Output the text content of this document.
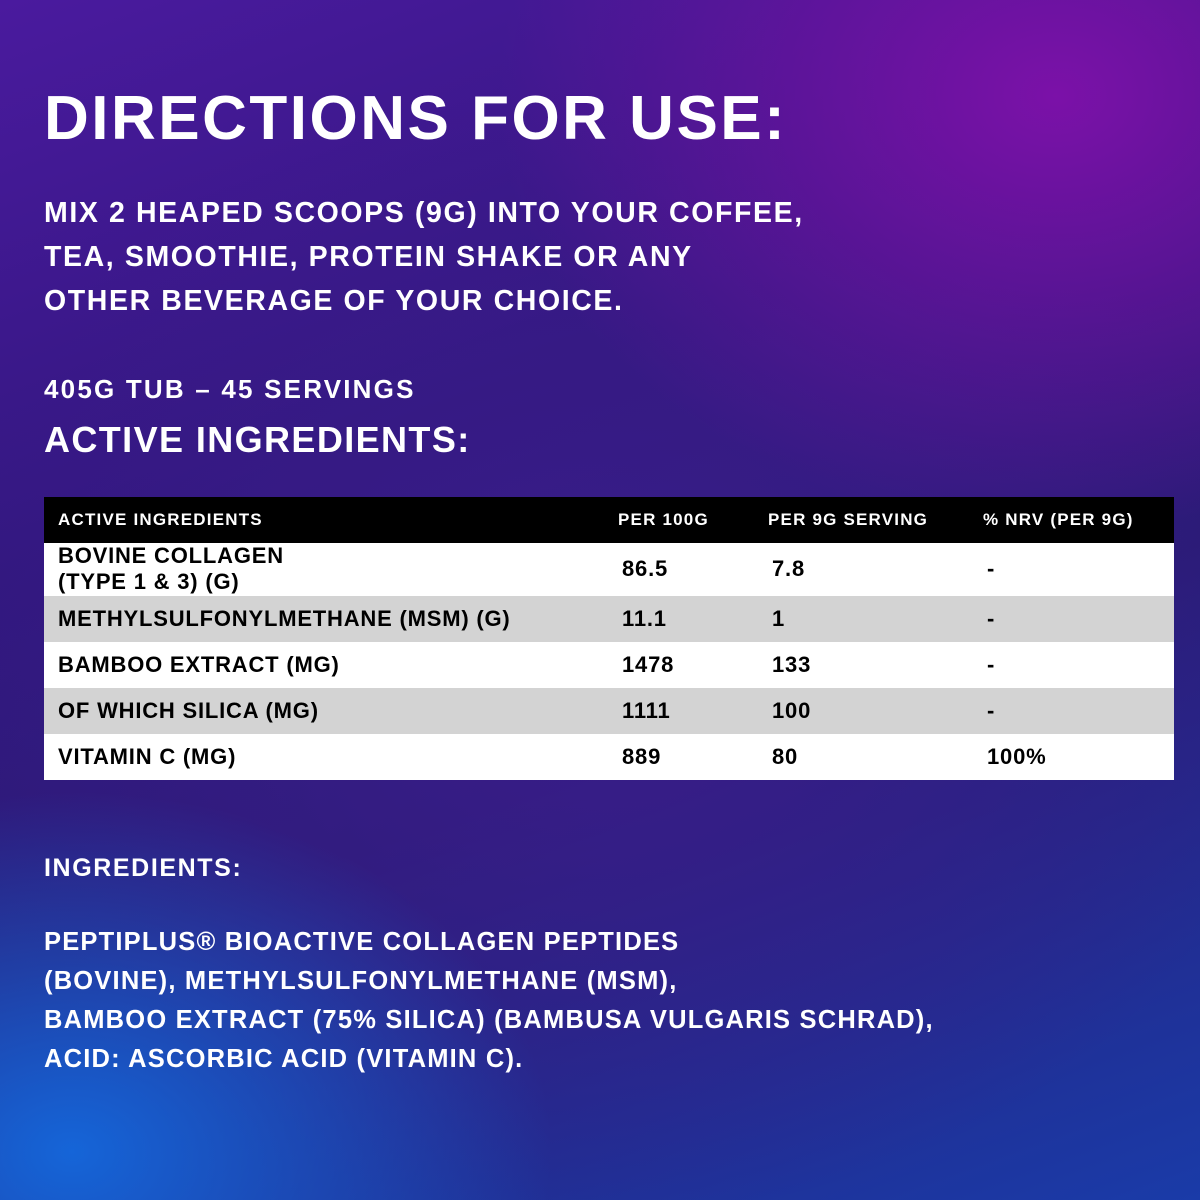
DIRECTIONS FOR USE:
MIX 2 HEAPED SCOOPS (9G) INTO YOUR COFFEE,
TEA, SMOOTHIE, PROTEIN SHAKE OR ANY
OTHER BEVERAGE OF YOUR CHOICE.
405G TUB – 45 SERVINGS
ACTIVE INGREDIENTS:
ACTIVE INGREDIENTS	PER 100G	PER 9G SERVING	% NRV (PER 9G)

BOVINE COLLAGEN
(TYPE 1 & 3) (G)	86.5	7.8	-
METHYLSULFONYLMETHANE (MSM) (G)	11.1	1	-
BAMBOO EXTRACT (MG)	1478	133	-
OF WHICH SILICA (MG)	1111	100	-
VITAMIN C (MG)	889	80	100%
INGREDIENTS:
PEPTIPLUS® BIOACTIVE COLLAGEN PEPTIDES
(BOVINE), METHYLSULFONYLMETHANE (MSM),
BAMBOO EXTRACT (75% SILICA) (BAMBUSA VULGARIS SCHRAD),
ACID: ASCORBIC ACID (VITAMIN C).
